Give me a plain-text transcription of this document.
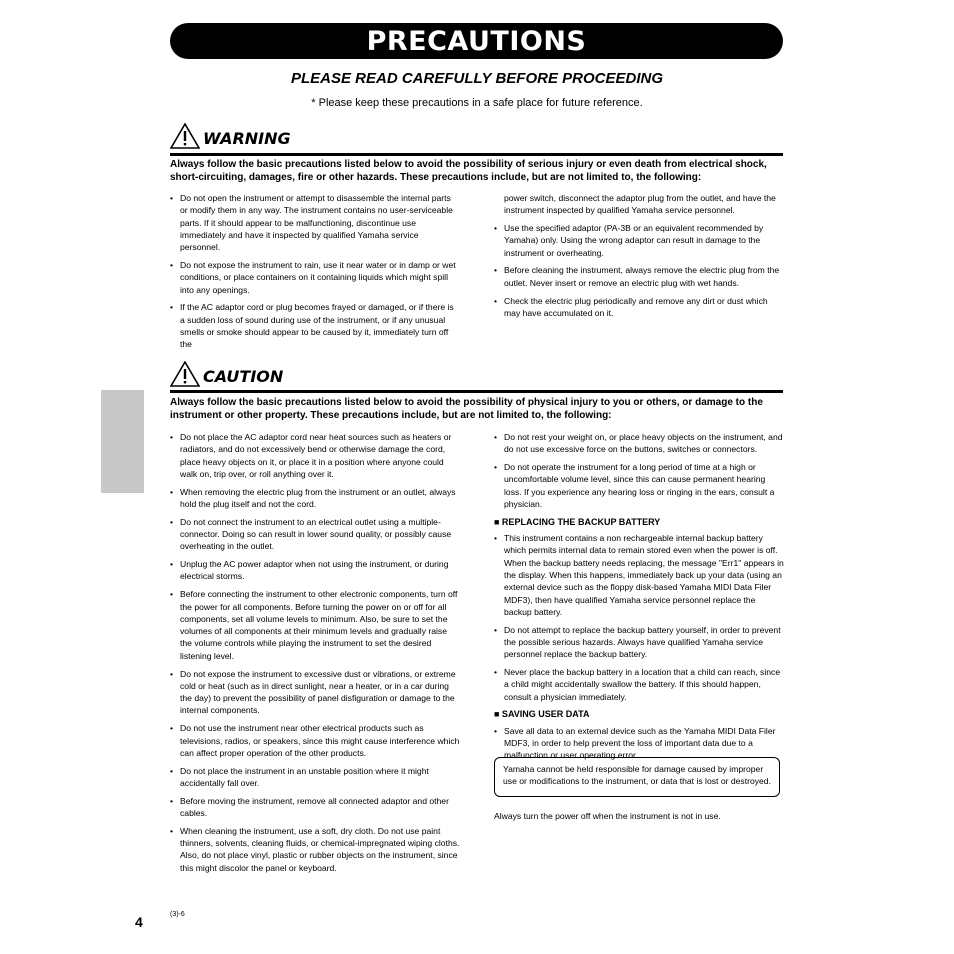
PRECAUTIONS
PLEASE READ CAREFULLY BEFORE PROCEEDING
* Please keep these precautions in a safe place for future reference.
WARNING
Always follow the basic precautions listed below to avoid the possibility of serious injury or even death from electrical shock, short-circuiting, damages, fire or other hazards. These precautions include, but are not limited to, the following:
• Do not open the instrument or attempt to disassemble the internal parts or modify them in any way. The instrument contains no user-serviceable parts. If it should appear to be malfunctioning, discontinue use immediately and have it inspected by qualified Yamaha service personnel.
• Do not expose the instrument to rain, use it near water or in damp or wet conditions, or place containers on it containing liquids which might spill into any openings.
• If the AC adaptor cord or plug becomes frayed or damaged, or if there is a sudden loss of sound during use of the instrument, or if any unusual smells or smoke should appear to be caused by it, immediately turn off the
power switch, disconnect the adaptor plug from the outlet, and have the instrument inspected by qualified Yamaha service personnel.
• Use the specified adaptor (PA-3B or an equivalent recommended by Yamaha) only. Using the wrong adaptor can result in damage to the instrument or overheating.
• Before cleaning the instrument, always remove the electric plug from the outlet. Never insert or remove an electric plug with wet hands.
• Check the electric plug periodically and remove any dirt or dust which may have accumulated on it.
CAUTION
Always follow the basic precautions listed below to avoid the possibility of physical injury to you or others, or damage to the instrument or other property. These precautions include, but are not limited to, the following:
• Do not place the AC adaptor cord near heat sources such as heaters or radiators, and do not excessively bend or otherwise damage the cord, place heavy objects on it, or place it in a position where anyone could walk on, trip over, or roll anything over it.
• When removing the electric plug from the instrument or an outlet, always hold the plug itself and not the cord.
• Do not connect the instrument to an electrical outlet using a multiple-connector. Doing so can result in lower sound quality, or possibly cause overheating in the outlet.
• Unplug the AC power adaptor when not using the instrument, or during electrical storms.
• Before connecting the instrument to other electronic components, turn off the power for all components. Before turning the power on or off for all components, set all volume levels to minimum. Also, be sure to set the volumes of all components at their minimum levels and gradually raise the volume controls while playing the instrument to set the desired listening level.
• Do not expose the instrument to excessive dust or vibrations, or extreme cold or heat (such as in direct sunlight, near a heater, or in a car during the day) to prevent the possibility of panel disfiguration or damage to the internal components.
• Do not use the instrument near other electrical products such as televisions, radios, or speakers, since this might cause interference which can affect proper operation of the other products.
• Do not place the instrument in an unstable position where it might accidentally fall over.
• Before moving the instrument, remove all connected adaptor and other cables.
• When cleaning the instrument, use a soft, dry cloth. Do not use paint thinners, solvents, cleaning fluids, or chemical-impregnated wiping cloths. Also, do not place vinyl, plastic or rubber objects on the instrument, since this might discolor the panel or keyboard.
• Do not rest your weight on, or place heavy objects on the instrument, and do not use excessive force on the buttons, switches or connectors.
• Do not operate the instrument for a long period of time at a high or uncomfortable volume level, since this can cause permanent hearing loss. If you experience any hearing loss or ringing in the ears, consult a physician.
■ REPLACING THE BACKUP BATTERY
• This instrument contains a non rechargeable internal backup battery which permits internal data to remain stored even when the power is off. When the backup battery needs replacing, the message "Err1" appears in the display. When this happens, immediately back up your data (using an external device such as the floppy disk-based Yamaha MIDI Data Filer MDF3), then have qualified Yamaha service personnel replace the backup battery.
• Do not attempt to replace the backup battery yourself, in order to prevent the possible serious hazards. Always have qualified Yamaha service personnel replace the backup battery.
• Never place the backup battery in a location that a child can reach, since a child might accidentally swallow the battery. If this should happen, consult a physician immediately.
■ SAVING USER DATA
• Save all data to an external device such as the Yamaha MIDI Data Filer MDF3, in order to help prevent the loss of important data due to a malfunction or user operating error.
Yamaha cannot be held responsible for damage caused by improper use or modifications to the instrument, or data that is lost or destroyed.
Always turn the power off when the instrument is not in use.
4	(3)-6
